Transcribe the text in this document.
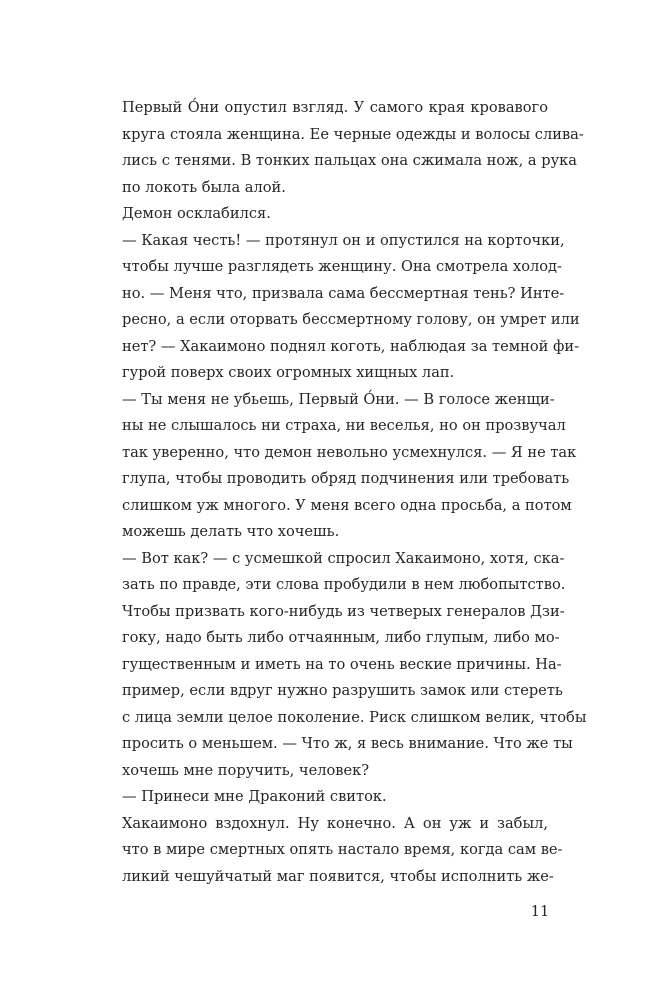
Первый О́ни опустил взгляд. У самого края кровавого
круга стояла женщина. Ее черные одежды и волосы слива-
лись с тенями. В тонких пальцах она сжимала нож, а рука
по локоть была алой.
Демон осклабился.
— Какая честь! — протянул он и опустился на корточки,
чтобы лучше разглядеть женщину. Она смотрела холод-
но. — Меня что, призвала сама бессмертная тень? Инте-
ресно, а если оторвать бессмертному голову, он умрет или
нет? — Хакаимоно поднял коготь, наблюдая за темной фи-
гурой поверх своих огромных хищных лап.
— Ты меня не убьешь, Первый О́ни. — В голосе женщи-
ны не слышалось ни страха, ни веселья, но он прозвучал
так уверенно, что демон невольно усмехнулся. — Я не так
глупа, чтобы проводить обряд подчинения или требовать
слишком уж многого. У меня всего одна просьба, а потом
можешь делать что хочешь.
— Вот как? — с усмешкой спросил Хакаимоно, хотя, ска-
зать по правде, эти слова пробудили в нем любопытство.
Чтобы призвать кого-нибудь из четверых генералов Дзи-
гоку, надо быть либо отчаянным, либо глупым, либо мо-
гущественным и иметь на то очень веские причины. На-
пример, если вдруг нужно разрушить замок или стереть
с лица земли целое поколение. Риск слишком велик, чтобы
просить о меньшем. — Что ж, я весь внимание. Что же ты
хочешь мне поручить, человек?
— Принеси мне Драконий свиток.
Хакаимоно вздохнул. Ну конечно. А он уж и забыл,
что в мире смертных опять настало время, когда сам ве-
ликий чешуйчатый маг появится, чтобы исполнить же-
11
